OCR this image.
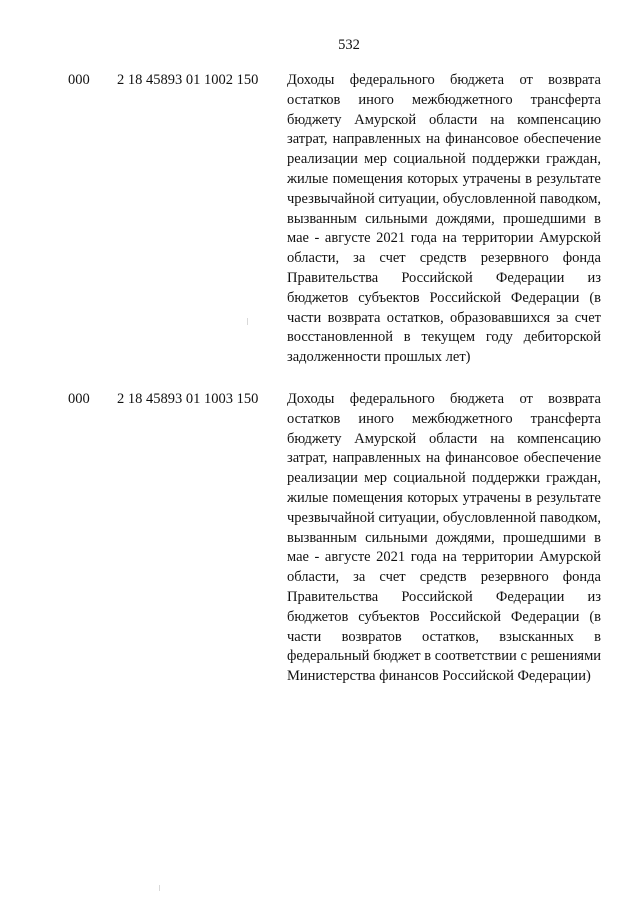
532
000 2 18 45893 01 1002 150 Доходы федерального бюджета от возврата остатков иного межбюджетного трансферта бюджету Амурской области на компенсацию затрат, направленных на финансовое обеспечение реализации мер социальной поддержки граждан, жилые помещения которых утрачены в результате чрезвычайной ситуации, обусловленной паводком, вызванным сильными дождями, прошедшими в мае - августе 2021 года на территории Амурской области, за счет средств резервного фонда Правительства Российской Федерации из бюджетов субъектов Российской Федерации (в части возврата остатков, образовавшихся за счет восстановленной в текущем году дебиторской задолженности прошлых лет)
000 2 18 45893 01 1003 150 Доходы федерального бюджета от возврата остатков иного межбюджетного трансферта бюджету Амурской области на компенсацию затрат, направленных на финансовое обеспечение реализации мер социальной поддержки граждан, жилые помещения которых утрачены в результате чрезвычайной ситуации, обусловленной паводком, вызванным сильными дождями, прошедшими в мае - августе 2021 года на территории Амурской области, за счет средств резервного фонда Правительства Российской Федерации из бюджетов субъектов Российской Федерации (в части возвратов остатков, взысканных в федеральный бюджет в соответствии с решениями Министерства финансов Российской Федерации)
